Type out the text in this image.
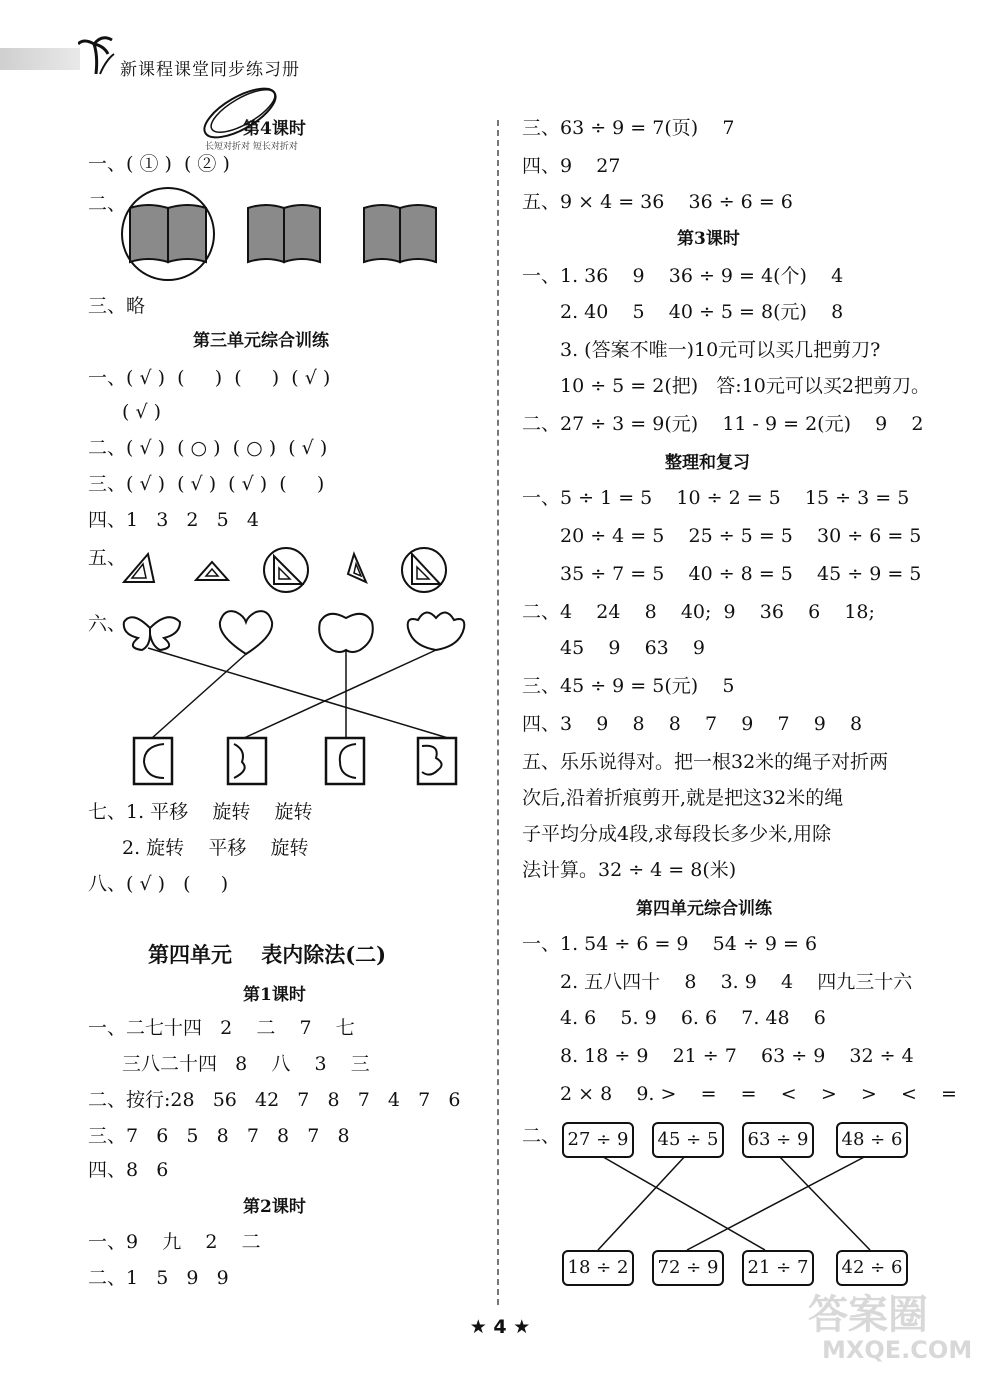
新课程课堂同步练习册
第4课时
一、( ① )  ( ② )
长短对折对 短长对折对
二、
三、略
第三单元综合训练
一、( √ )  (     )  (     )  ( √ )
( √ )
二、( √ )  ( ○ )  ( ○ )  ( √ )
三、( √ )  ( √ )  ( √ )  (     )
四、1   3   2   5   4
五、
六、
七、1. 平移    旋转    旋转
2. 旋转    平移    旋转
八、( √ )   (     )
第四单元    表内除法(二)
第1课时
一、二七十四   2    二    7    七
三八二十四   8    八    3    三
二、按行:28   56   42   7   8   7   4   7   6
三、7   6   5   8   7   8   7   8
四、8   6
第2课时
一、9    九    2    二
二、1   5   9   9
三、63 ÷ 9 = 7(页)    7
四、9    27
五、9 × 4 = 36    36 ÷ 6 = 6
第3课时
一、1. 36    9    36 ÷ 9 = 4(个)    4
2. 40    5    40 ÷ 5 = 8(元)    8
3. (答案不唯一)10元可以买几把剪刀?
10 ÷ 5 = 2(把)   答:10元可以买2把剪刀。
二、27 ÷ 3 = 9(元)    11 - 9 = 2(元)    9    2
整理和复习
一、5 ÷ 1 = 5    10 ÷ 2 = 5    15 ÷ 3 = 5
20 ÷ 4 = 5    25 ÷ 5 = 5    30 ÷ 6 = 5
35 ÷ 7 = 5    40 ÷ 8 = 5    45 ÷ 9 = 5
二、4    24    8    40;  9    36    6    18;
45    9    63    9
三、45 ÷ 9 = 5(元)    5
四、3    9    8    8    7    9    7    9    8
五、乐乐说得对。把一根32米的绳子对折两
次后,沿着折痕剪开,就是把这32米的绳
子平均分成4段,求每段长多少米,用除
法计算。32 ÷ 4 = 8(米)
第四单元综合训练
一、1. 54 ÷ 6 = 9    54 ÷ 9 = 6
2. 五八四十    8    3. 9    4    四九三十六
4. 6    5. 9    6. 6    7. 48    6
8. 18 ÷ 9    21 ÷ 7    63 ÷ 9    32 ÷ 4
2 × 8    9. >    =    =    <    >    >    <    =
二、 27 ÷ 9	45 ÷ 5	63 ÷ 9	48 ÷ 6
18 ÷ 2	72 ÷ 9	21 ÷ 7	42 ÷ 6
★ 4 ★	答案圈
MXQE.COM
